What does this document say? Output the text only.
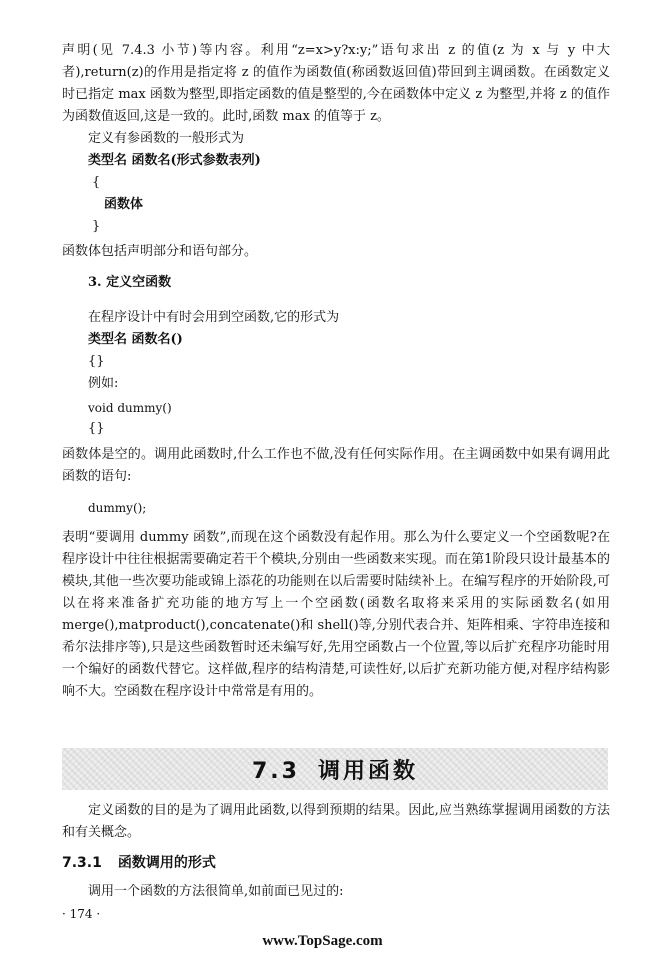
声明(见 7.4.3 小节)等内容。利用“z=x>y?x:y;”语句求出 z 的值(z 为 x 与 y 中大者),return(z)的作用是指定将 z 的值作为函数值(称函数返回值)带回到主调函数。在函数定义时已指定 max 函数为整型,即指定函数的值是整型的,今在函数体中定义 z 为整型,并将 z 的值作为函数值返回,这是一致的。此时,函数 max 的值等于 z。

定义有参函数的一般形式为
类型名 函数名(形式参数表列)
{
函数体
}
函数体包括声明部分和语句部分。
3. 定义空函数
在程序设计中有时会用到空函数,它的形式为
类型名 函数名()
{}
例如:
void dummy()
{}

函数体是空的。调用此函数时,什么工作也不做,没有任何实际作用。在主调函数中如果有调用此函数的语句:

dummy();

表明“要调用 dummy 函数”,而现在这个函数没有起作用。那么为什么要定义一个空函数呢?在程序设计中往往根据需要确定若干个模块,分别由一些函数来实现。而在第1阶段只设计最基本的模块,其他一些次要功能或锦上添花的功能则在以后需要时陆续补上。在编写程序的开始阶段,可以在将来准备扩充功能的地方写上一个空函数(函数名取将来采用的实际函数名(如用 merge(),matproduct(),concatenate()和 shell()等,分别代表合并、矩阵相乘、字符串连接和希尔法排序等),只是这些函数暂时还未编写好,先用空函数占一个位置,等以后扩充程序功能时用一个编好的函数代替它。这样做,程序的结构清楚,可读性好,以后扩充新功能方便,对程序结构影响不大。空函数在程序设计中常常是有用的。

7.3 调用函数

定义函数的目的是为了调用此函数,以得到预期的结果。因此,应当熟练掌握调用函数的方法和有关概念。

7.3.1 函数调用的形式
调用一个函数的方法很简单,如前面已见过的:
· 174 ·
www.TopSage.com
